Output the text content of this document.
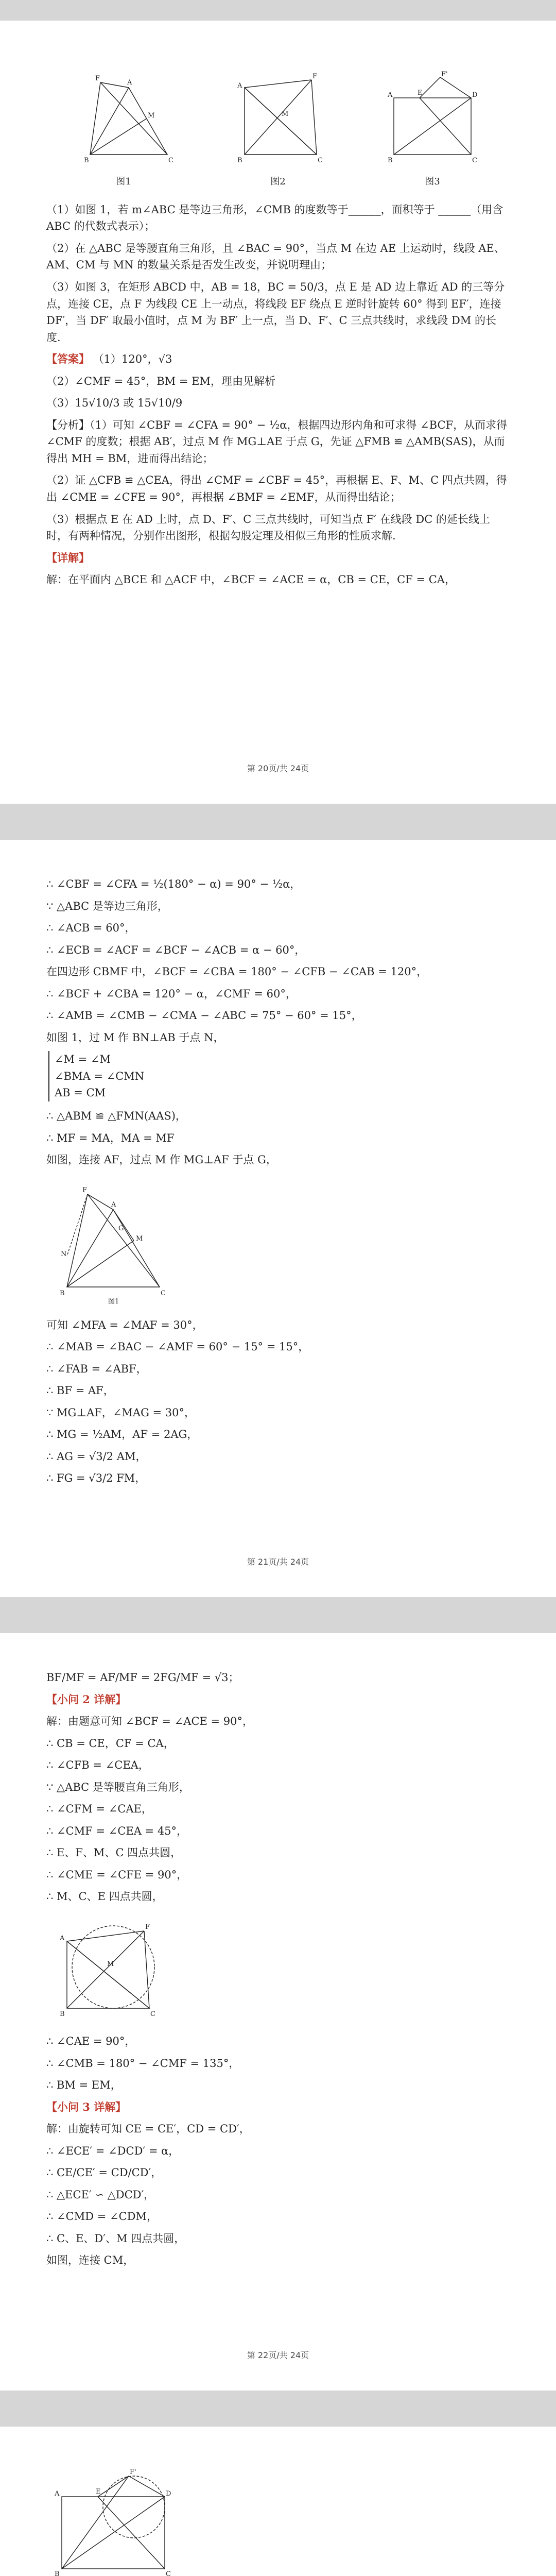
B	C
A
F
M
图1
B	C
A
F
M
图2
B	C
A	D
E
F'
图3

（1）如图 1，若 m∠ABC 是等边三角形，∠CMB 的度数等于______，面积等于 ______（用含 ABC 的代数式表示）；

（2）在 △ABC 是等腰直角三角形，且 ∠BAC = 90°，当点 M 在边 AE 上运动时，线段 AE、AM、CM 与 MN 的数量关系是否发生改变，并说明理由；

（3）如图 3，在矩形 ABCD 中，AB = 18，BC = 50/3，点 E 是 AD 边上靠近 AD 的三等分点，连接 CE，点 F 为线段 CE 上一动点，将线段 EF 绕点 E 逆时针旋转 60° 得到 EF′，连接 DF′，当 DF′ 取最小值时，点 M 为 BF′ 上一点，当 D、F′、C 三点共线时，求线段 DM 的长度.

【答案】 （1）120°，√3

（2）∠CMF = 45°，BM = EM，理由见解析

（3）15√10/3 或 15√10/9

【分析】（1）可知 ∠CBF = ∠CFA = 90° − ½α，根据四边形内角和可求得 ∠BCF，从而求得 ∠CMF 的度数；根据 AB′，过点 M 作 MG⊥AE 于点 G，先证 △FMB ≌ △AMB(SAS)，从而得出 MH = BM，进而得出结论；

（2）证 △CFB ≌ △CEA，得出 ∠CMF = ∠CBF = 45°，再根据 E、F、M、C 四点共圆，得出 ∠CME = ∠CFE = 90°，再根据 ∠BMF = ∠EMF，从而得出结论；

（3）根据点 E 在 AD 上时，点 D、F′、C 三点共线时，可知当点 F′ 在线段 DC 的延长线上时，有两种情况，分别作出图形，根据勾股定理及相似三角形的性质求解.

【详解】

解：在平面内 △BCE 和 △ACF 中，∠BCF = ∠ACE = α，CB = CE，CF = CA，

第 20页/共 24页

∴ ∠CBF = ∠CFA = ½(180° − α) = 90° − ½α，

∵ △ABC 是等边三角形，

∴ ∠ACB = 60°，

∴ ∠ECB = ∠ACF = ∠BCF − ∠ACB = α − 60°，

在四边形 CBMF 中，∠BCF = ∠CBA = 180° − ∠CFB − ∠CAB = 120°，

∴ ∠BCF + ∠CBA = 120° − α，∠CMF = 60°，

∴ ∠AMB = ∠CMB − ∠CMA − ∠ABC = 75° − 60° = 15°，

如图 1，过 M 作 BN⊥AB 于点 N，

∠M = ∠M
∠BMA = ∠CMN
AB = CM

∴ △ABM ≌ △FMN(AAS)，

∴ MF = MA，MA = MF

如图，连接 AF，过点 M 作 MG⊥AF 于点 G，

B	C
A
F
M
N
G
图1

可知 ∠MFA = ∠MAF = 30°，

∴ ∠MAB = ∠BAC − ∠AMF = 60° − 15° = 15°，

∴ ∠FAB = ∠ABF，

∴ BF = AF，

∵ MG⊥AF，∠MAG = 30°，

∴ MG = ½AM，AF = 2AG，

∴ AG = √3/2 AM，

∴ FG = √3/2 FM，

第 21页/共 24页

BF/MF = AF/MF = 2FG/MF = √3；

【小问 2 详解】

解：由题意可知 ∠BCF = ∠ACE = 90°，

∴ CB = CE，CF = CA，

∴ ∠CFB = ∠CEA，

∵ △ABC 是等腰直角三角形，

∴ ∠CFM = ∠CAE，

∴ ∠CMF = ∠CEA = 45°，

∴ E、F、M、C 四点共圆，

∴ ∠CME = ∠CFE = 90°，

∴ M、C、E 四点共圆，

B	C
A
F
M

∴ ∠CAE = 90°，

∴ ∠CMB = 180° − ∠CMF = 135°，

∴ BM = EM，

【小问 3 详解】

解：由旋转可知 CE = CE′，CD = CD′，

∴ ∠ECE′ = ∠DCD′ = α，

∴ CE/CE′ = CD/CD′，

∴ △ECE′ ∽ △DCD′，

∴ ∠CMD = ∠CDM，

∴ C、E、D′、M 四点共圆，

如图，连接 CM，

第 22页/共 24页
B	C
A	D
E
F'
